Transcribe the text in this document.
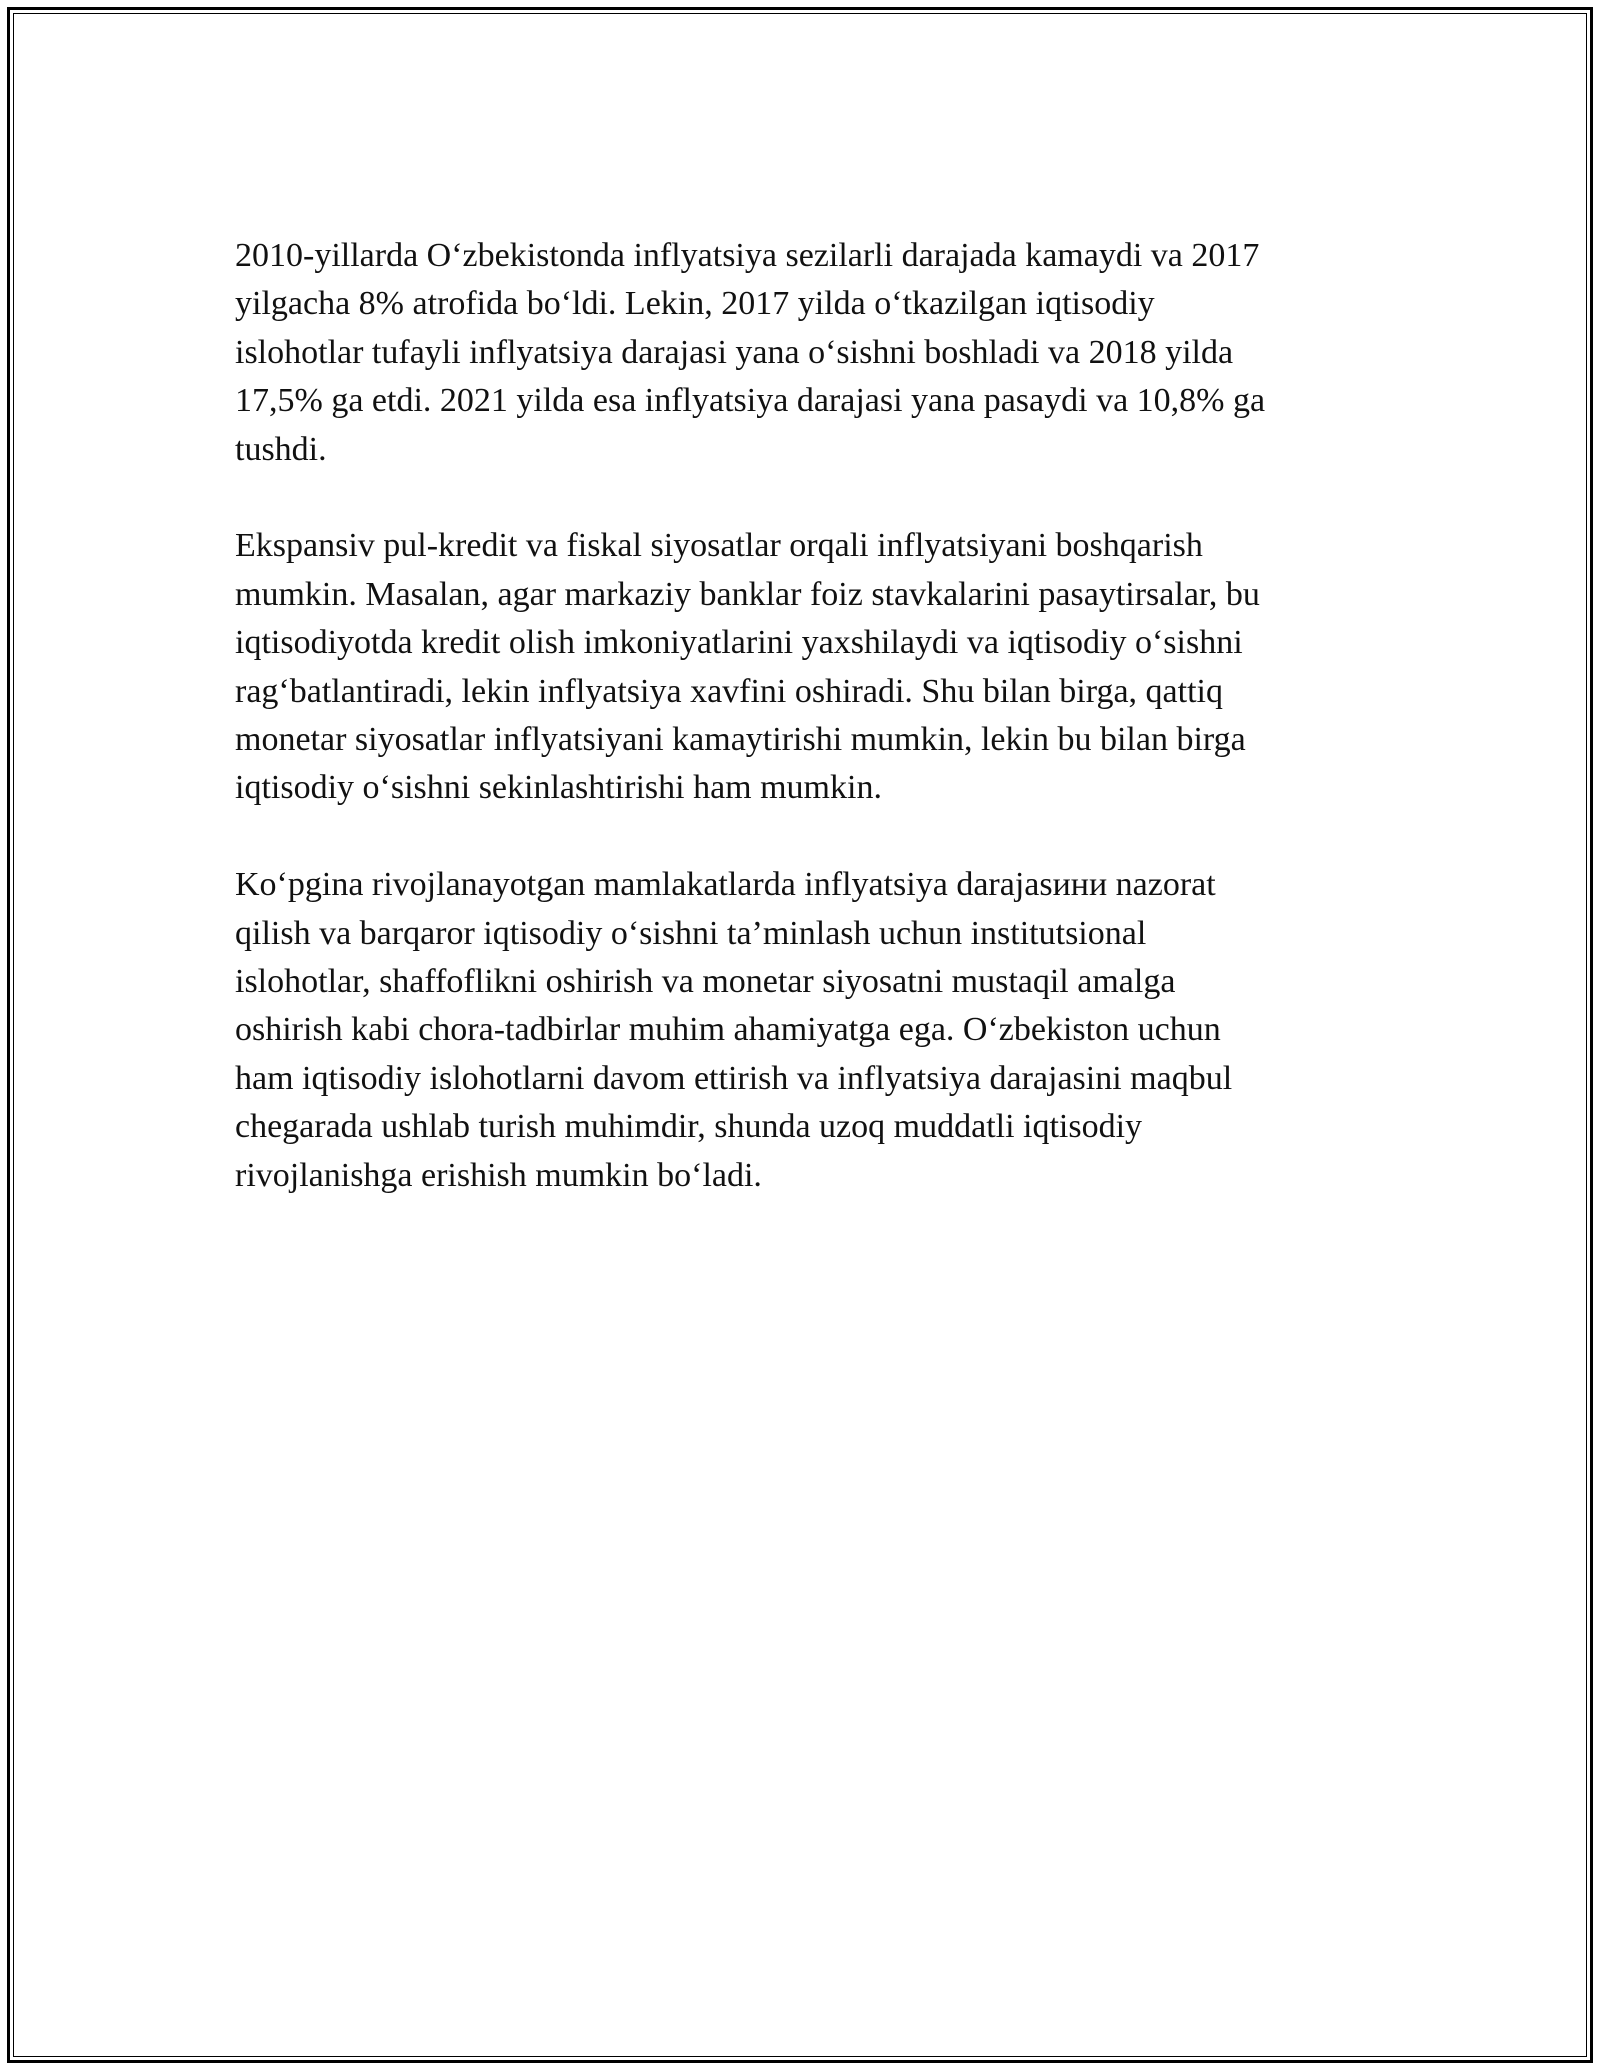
2010-yillarda O‘zbekistonda inflyatsiya sezilarli darajada kamaydi va 2017
yilgacha 8% atrofida bo‘ldi. Lekin, 2017 yilda o‘tkazilgan iqtisodiy
islohotlar tufayli inflyatsiya darajasi yana o‘sishni boshladi va 2018 yilda
17,5% ga etdi. 2021 yilda esa inflyatsiya darajasi yana pasaydi va 10,8% ga
tushdi.

Ekspansiv pul-kredit va fiskal siyosatlar orqali inflyatsiyani boshqarish
mumkin. Masalan, agar markaziy banklar foiz stavkalarini pasaytirsalar, bu
iqtisodiyotda kredit olish imkoniyatlarini yaxshilaydi va iqtisodiy o‘sishni
rag‘batlantiradi, lekin inflyatsiya xavfini oshiradi. Shu bilan birga, qattiq
monetar siyosatlar inflyatsiyani kamaytirishi mumkin, lekin bu bilan birga
iqtisodiy o‘sishni sekinlashtirishi ham mumkin.

Ko‘pgina rivojlanayotgan mamlakatlarda inflyatsiya darajasини nazorat
qilish va barqaror iqtisodiy o‘sishni ta’minlash uchun institutsional
islohotlar, shaffoflikni oshirish va monetar siyosatni mustaqil amalga
oshirish kabi chora-tadbirlar muhim ahamiyatga ega. O‘zbekiston uchun
ham iqtisodiy islohotlarni davom ettirish va inflyatsiya darajasini maqbul
chegarada ushlab turish muhimdir, shunda uzoq muddatli iqtisodiy
rivojlanishga erishish mumkin bo‘ladi.
